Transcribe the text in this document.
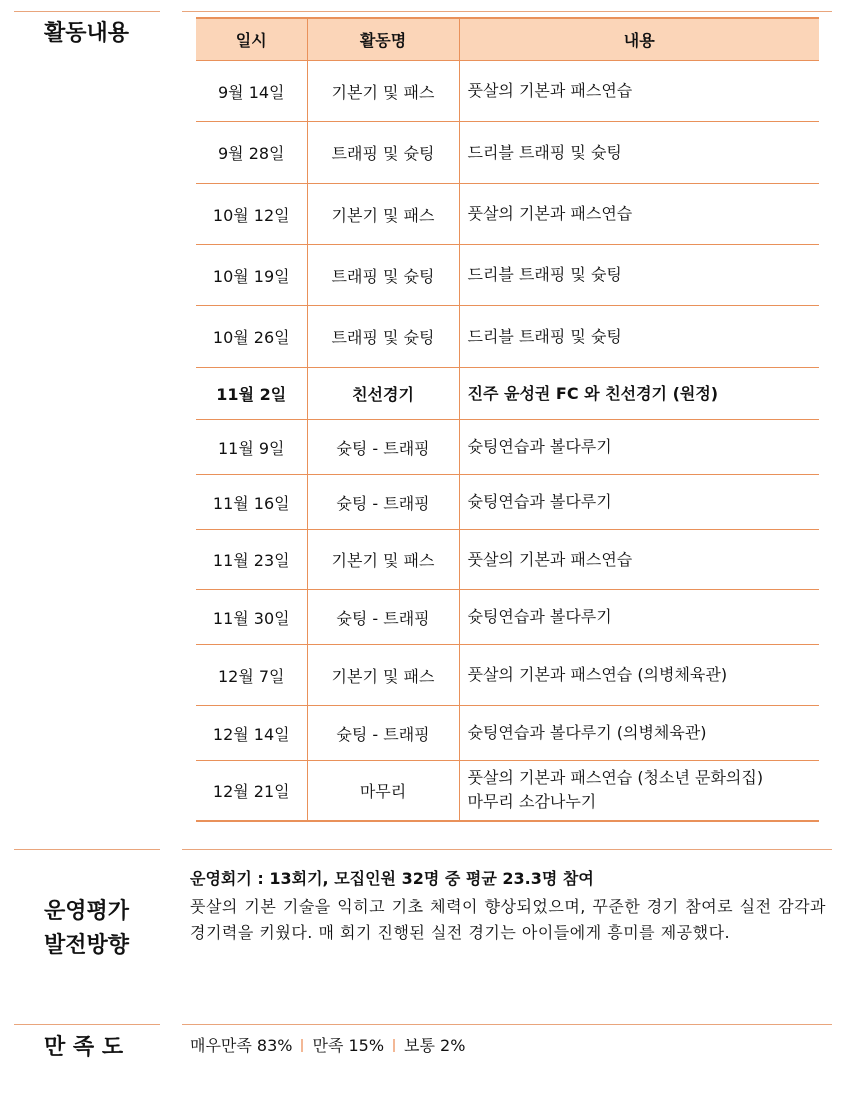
활동내용	일시	활동명	내용
9월 14일	기본기 및 패스	풋살의 기본과 패스연습

9월 28일	트래핑 및 슛팅	드리블 트래핑 및 슛팅

10월 12일	기본기 및 패스	풋살의 기본과 패스연습

10월 19일	트래핑 및 슛팅	드리블 트래핑 및 슛팅

10월 26일	트래핑 및 슛팅	드리블 트래핑 및 슛팅

11월 2일	친선경기	진주 윤성권 FC 와 친선경기 (원정)

11월 9일	슛팅 - 트래핑	슛팅연습과 볼다루기

11월 16일	슛팅 - 트래핑	슛팅연습과 볼다루기

11월 23일	기본기 및 패스	풋살의 기본과 패스연습

11월 30일	슛팅 - 트래핑	슛팅연습과 볼다루기

12월 7일	기본기 및 패스	풋살의 기본과 패스연습 (의병체육관)

12월 14일	슛팅 - 트래핑	슛팅연습과 볼다루기 (의병체육관)

12월 21일	마무리	풋살의 기본과 패스연습 (청소년 문화의집)
마무리 소감나누기
운영평가
발전방향
운영회기 : 13회기, 모집인원 32명 중 평균 23.3명 참여
풋살의 기본 기술을 익히고 기초 체력이 향상되었으며, 꾸준한 경기 참여로 실전 감각과 경기력을 키웠다. 매 회기 진행된 실전 경기는 아이들에게 흥미를 제공했다.
만 족 도	매우만족 83% 만족 15% 보통 2%
